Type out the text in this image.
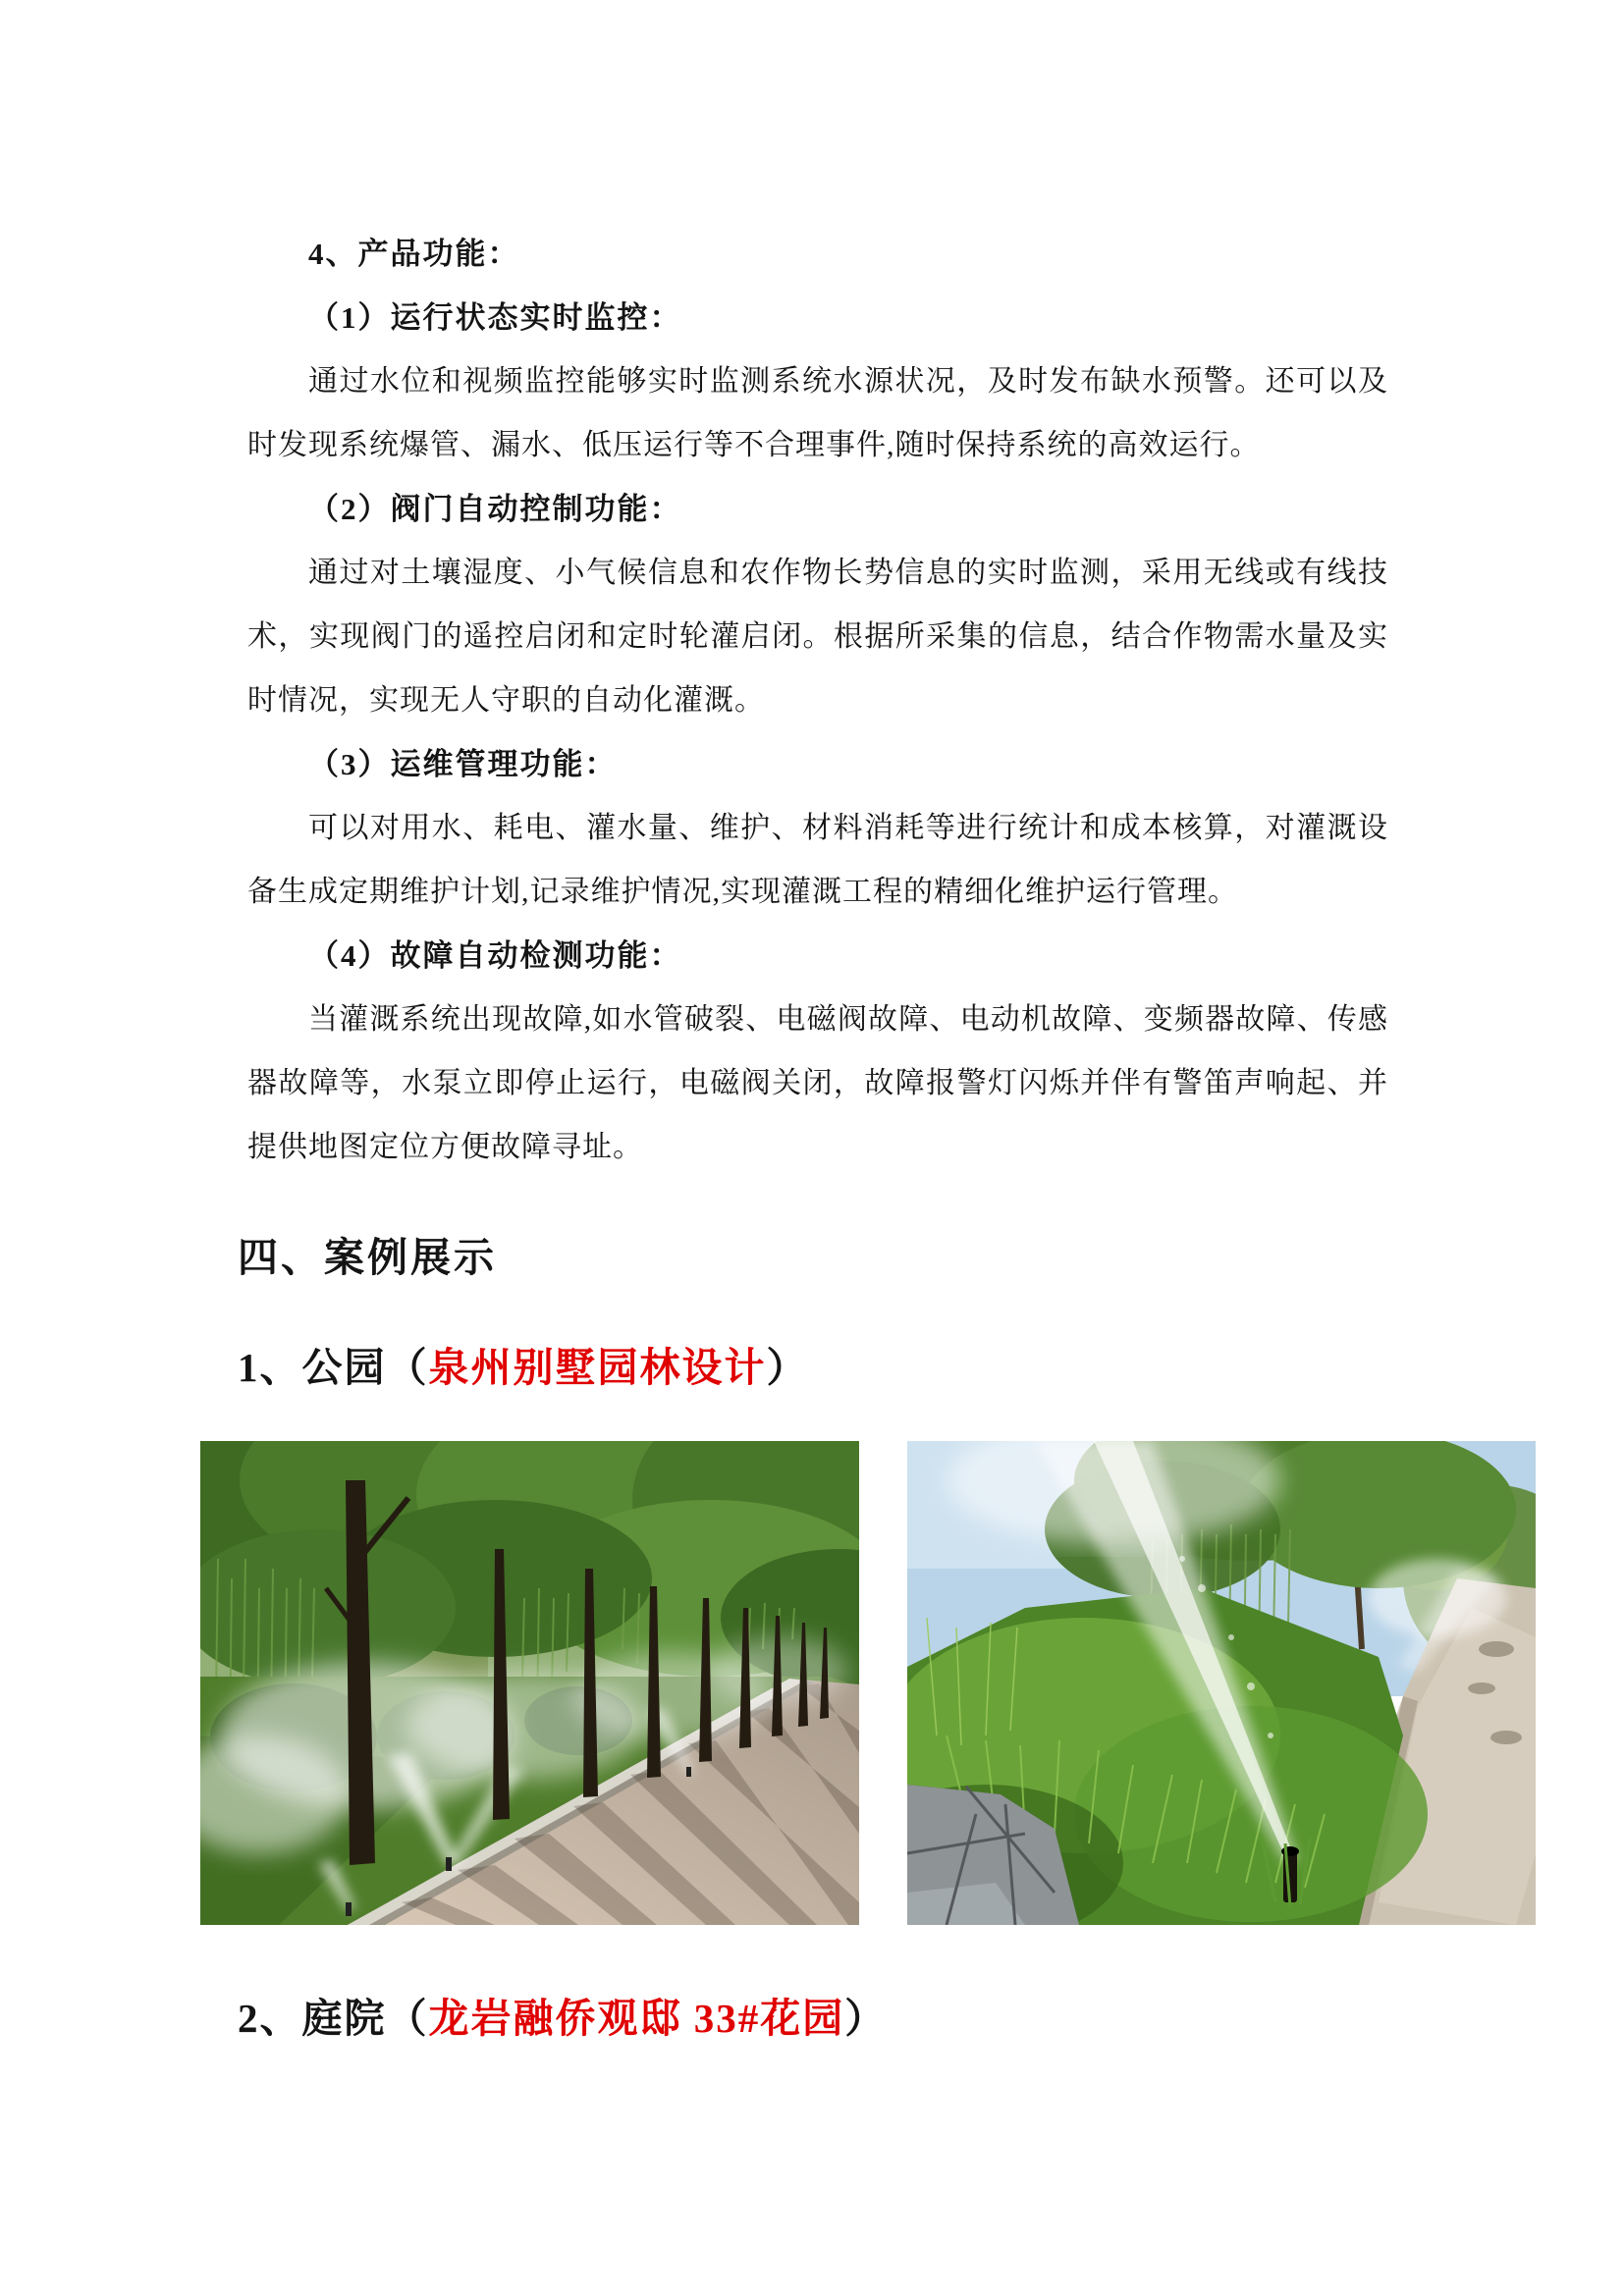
4、产品功能：

（1）运行状态实时监控：

通过水位和视频监控能够实时监测系统水源状况，及时发布缺水预警。还可以及时发现系统爆管、漏水、低压运行等不合理事件,随时保持系统的高效运行。

（2）阀门自动控制功能：

通过对土壤湿度、小气候信息和农作物长势信息的实时监测，采用无线或有线技术，实现阀门的遥控启闭和定时轮灌启闭。根据所采集的信息，结合作物需水量及实时情况，实现无人守职的自动化灌溉。

（3）运维管理功能：

可以对用水、耗电、灌水量、维护、材料消耗等进行统计和成本核算，对灌溉设备生成定期维护计划,记录维护情况,实现灌溉工程的精细化维护运行管理。

（4）故障自动检测功能：

当灌溉系统出现故障,如水管破裂、电磁阀故障、电动机故障、变频器故障、传感器故障等，水泵立即停止运行，电磁阀关闭，故障报警灯闪烁并伴有警笛声响起、并提供地图定位方便故障寻址。

四、案例展示

1、公园（泉州别墅园林设计）

2、庭院（龙岩融侨观邸 33#花园）
